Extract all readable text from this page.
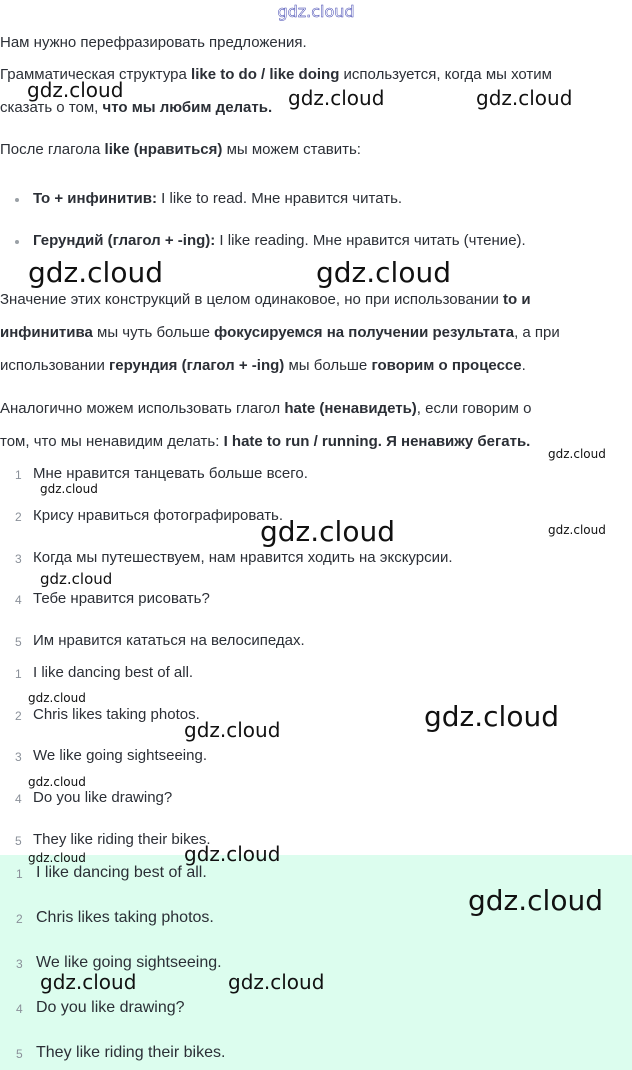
gdz.cloud

Нам нужно перефразировать предложения.

Грамматическая структура like to do / like doing используется, когда мы хотим

сказать о том, что мы любим делать.

После глагола like (нравиться) мы можем ставить:

To + инфинитив: I like to read. Мне нравится читать.

Герундий (глагол + -ing): I like reading. Мне нравится читать (чтение).

Значение этих конструкций в целом одинаковое, но при использовании to и

инфинитива мы чуть больше фокусируемся на получении результата, а при

использовании герундия (глагол + -ing) мы больше говорим о процессе.

Аналогично можем использовать глагол hate (ненавидеть), если говорим о

том, что мы ненавидим делать: I hate to run / running. Я ненавижу бегать.

1 Мне нравится танцевать больше всего.
2 Крису нравиться фотографировать.
3 Когда мы путешествуем, нам нравится ходить на экскурсии.
4 Тебе нравится рисовать?
5 Им нравится кататься на велосипедах.
1 I like dancing best of all.
2 Chris likes taking photos.
3 We like going sightseeing.
4 Do you like drawing?
5 They like riding their bikes.
1 I like dancing best of all.
2 Chris likes taking photos.
3 We like going sightseeing.
4 Do you like drawing?
5 They like riding their bikes.
gdz.cloud	gdz.cloud	gdz.cloud
gdz.cloud	gdz.cloud
gdz.cloud
gdz.cloud
gdz.cloud	gdz.cloud
gdz.cloud
gdz.cloud
gdz.cloud
gdz.cloud
gdz.cloud
gdz.cloud
gdz.cloud
gdz.cloud
gdz.cloud	gdz.cloud
